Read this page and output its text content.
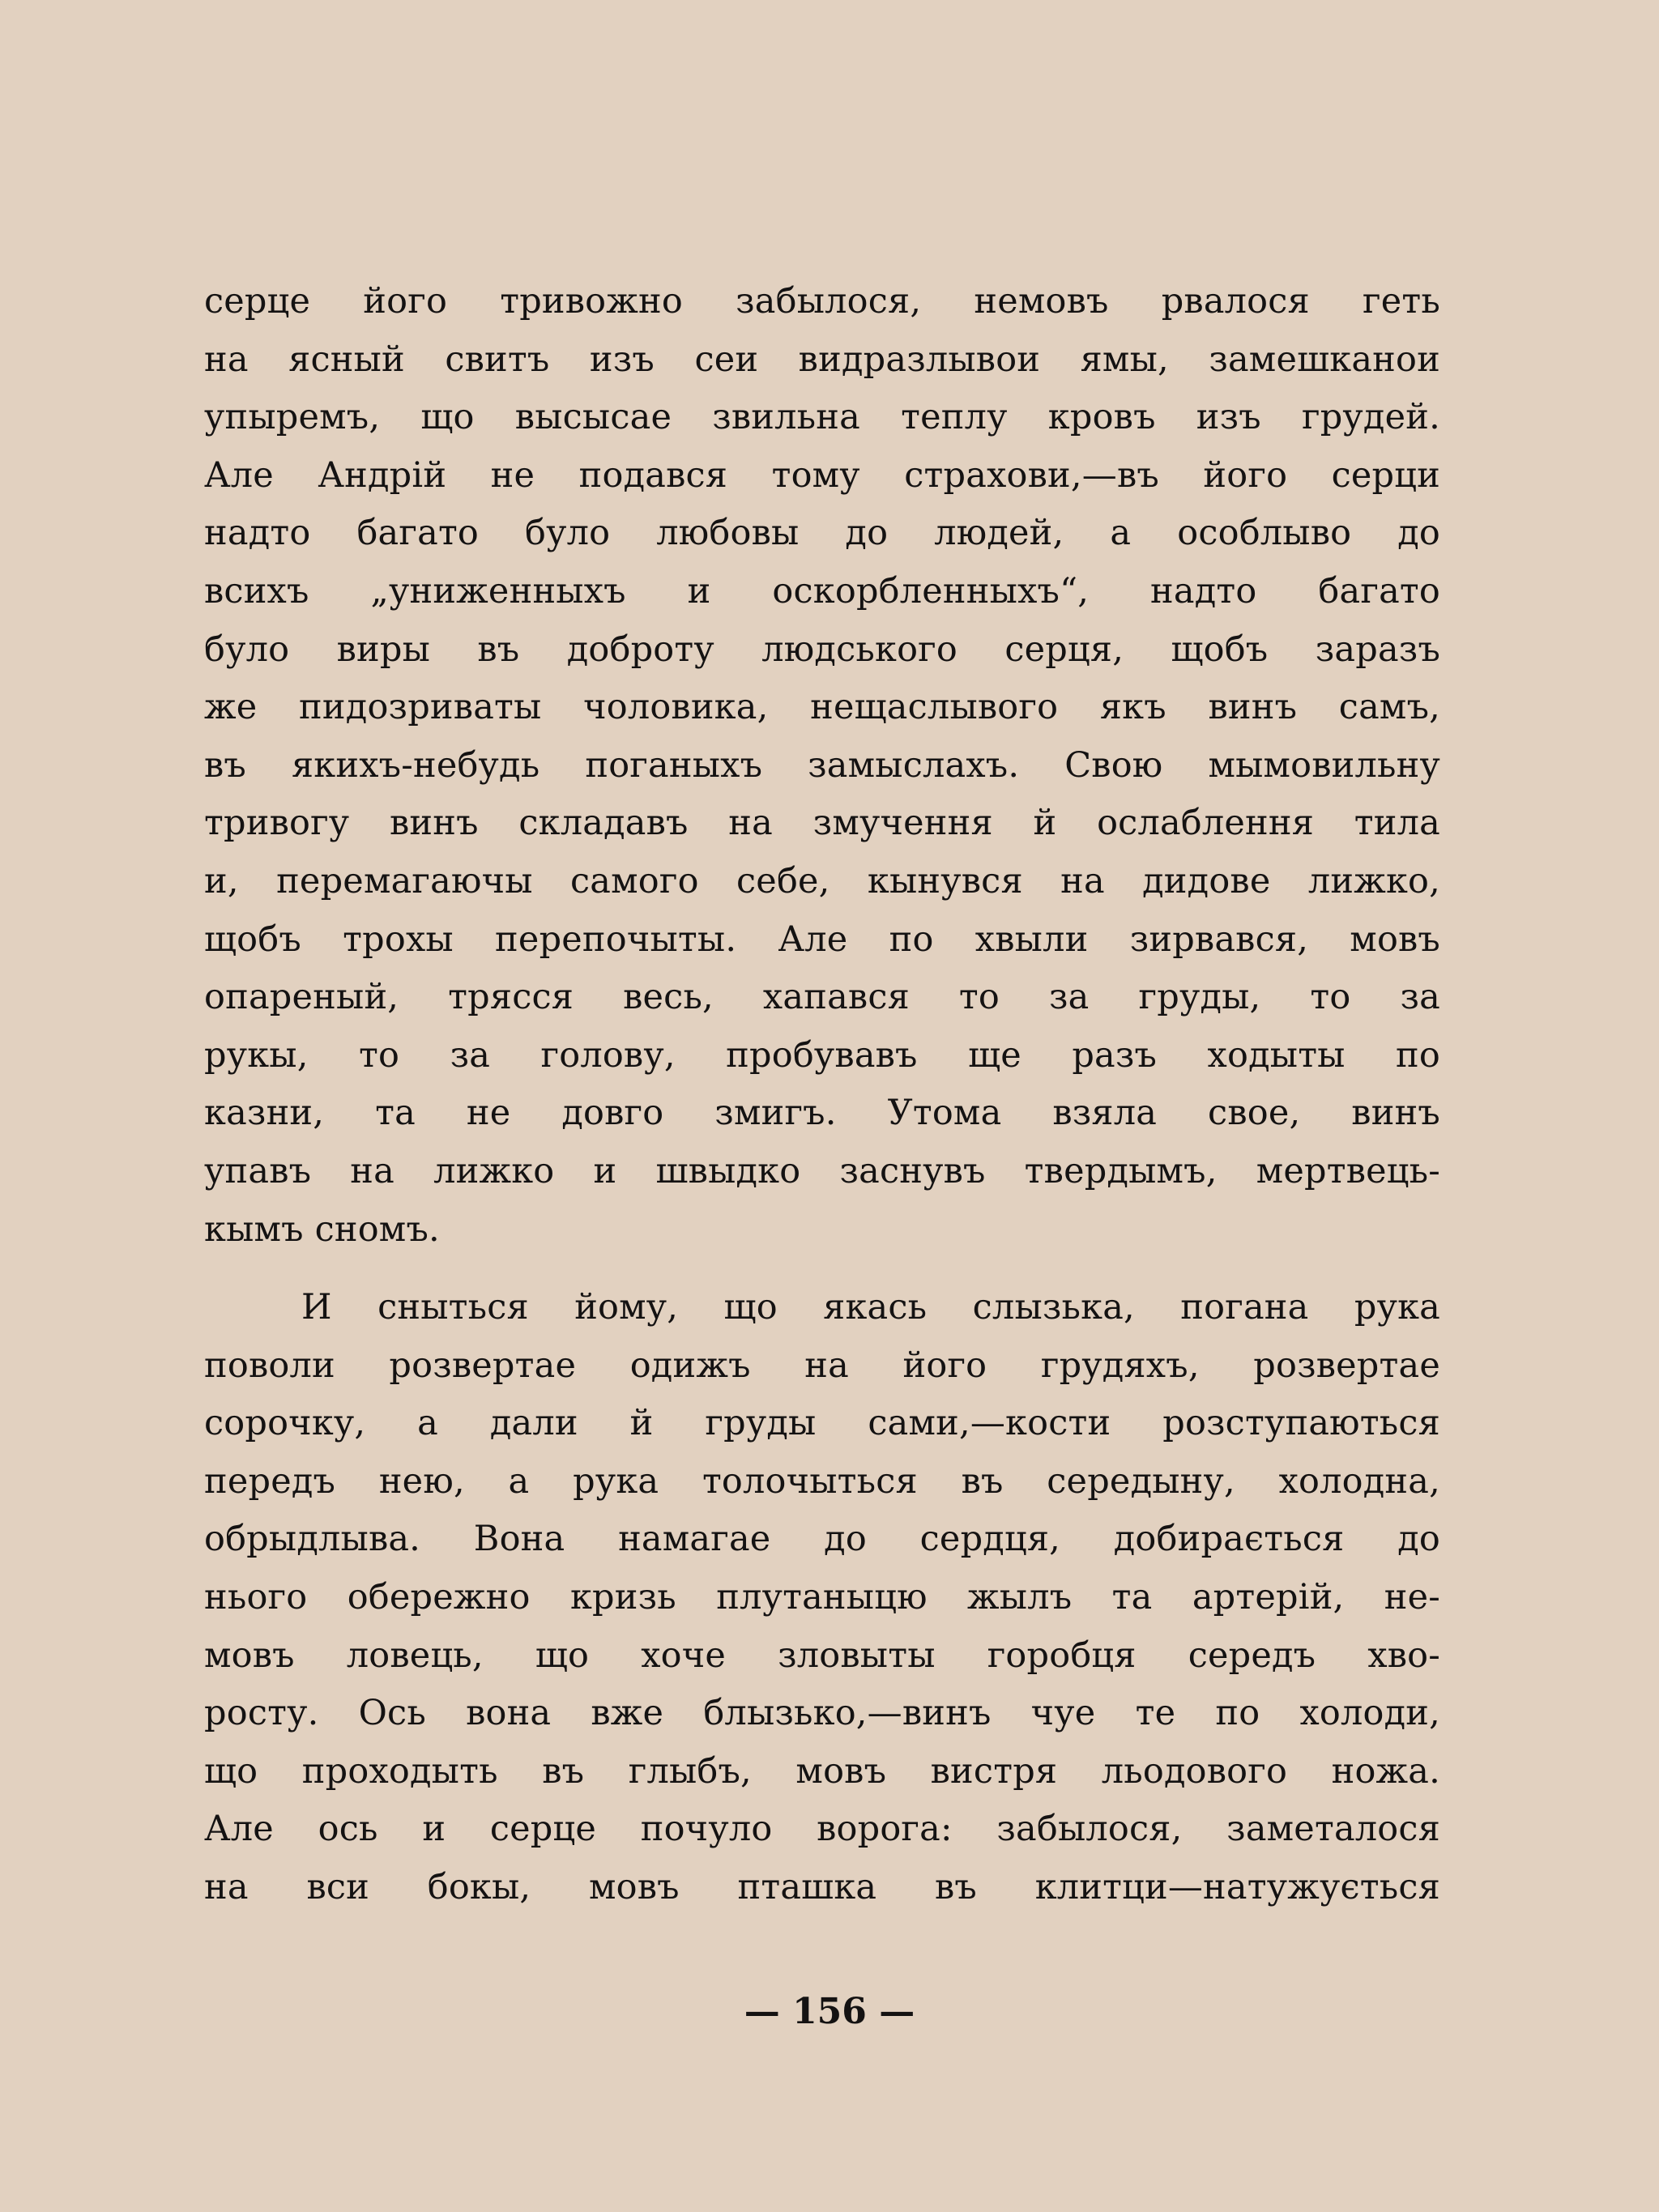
серце його тривожно забылося, немовъ рвалося геть
на ясный свитъ изъ сеи видразлывои ямы, замешканои
упыремъ, що высысае звильна теплу кровъ изъ грудей.
Але Андрій не подався тому страхови,—въ його серци
надто багато було любовы до людей, а особлыво до
всихъ „униженныхъ и оскорбленныхъ“, надто багато
було виры въ доброту людського серця, щобъ заразъ
же пидозриваты чоловика, нещаслывого якъ винъ самъ,
въ якихъ-небудь поганыхъ замыслахъ. Свою мымовильну
тривогу винъ складавъ на змучення й ослаблення тила
и, перемагаючы самого себе, кынувся на дидове лижко,
щобъ трохы перепочыты. Але по хвыли зирвався, мовъ
опареный, трясся весь, хапався то за груды, то за
рукы, то за голову, пробувавъ ще разъ ходыты по
казни, та не довго змигъ. Утома взяла свое, винъ
упавъ на лижко и швыдко заснувъ твердымъ, мертвець-
кымъ сномъ.

И сныться йому, що якась слызька, погана рука
поволи розвертае одижъ на його грудяхъ, розвертае
сорочку, а дали й груды сами,—кости розступаються
передъ нею, а рука толочыться въ середыну, холодна,
обрыдлыва. Вона намагае до сердця, добирається до
нього обережно кризь плутаныцю жылъ та артерій, не-
мовъ ловець, що хоче зловыты горобця середъ хво-
росту. Ось вона вже блызько,—винъ чуе те по холоди,
що проходыть въ глыбъ, мовъ вистря льодового ножа.
Але ось и серце почуло ворога: забылося, заметалося
на вси бокы, мовъ пташка въ клитци—натужується

— 156 —
